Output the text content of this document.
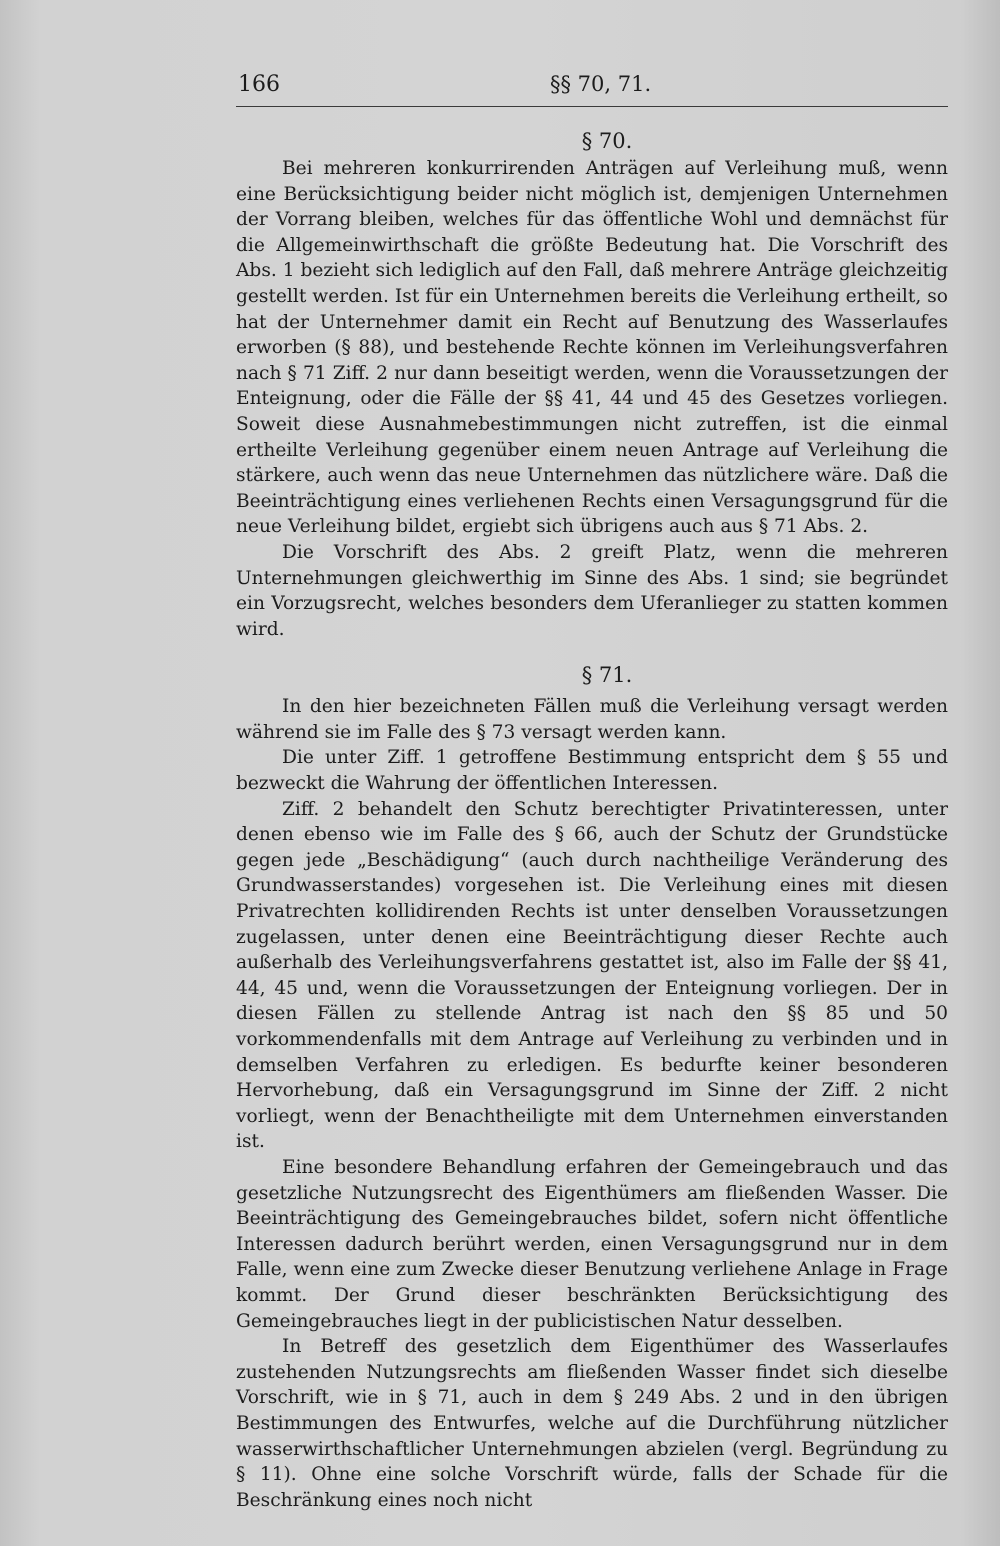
166	§§ 70, 71.

§ 70.

Bei mehreren konkurrirenden Anträgen auf Verleihung muß, wenn eine Berücksichtigung beider nicht möglich ist, demjenigen Unternehmen der Vorrang bleiben, welches für das öffentliche Wohl und demnächst für die Allgemeinwirthschaft die größte Bedeutung hat. Die Vorschrift des Abs. 1 bezieht sich lediglich auf den Fall, daß mehrere Anträge gleichzeitig gestellt werden. Ist für ein Unternehmen bereits die Verleihung ertheilt, so hat der Unternehmer damit ein Recht auf Benutzung des Wasserlaufes erworben (§ 88), und bestehende Rechte können im Verleihungsverfahren nach § 71 Ziff. 2 nur dann beseitigt werden, wenn die Voraussetzungen der Enteignung, oder die Fälle der §§ 41, 44 und 45 des Gesetzes vorliegen. Soweit diese Ausnahmebestimmungen nicht zutreffen, ist die einmal ertheilte Verleihung gegenüber einem neuen Antrage auf Verleihung die stärkere, auch wenn das neue Unternehmen das nützlichere wäre. Daß die Beeinträchtigung eines verliehenen Rechts einen Versagungsgrund für die neue Verleihung bildet, ergiebt sich übrigens auch aus § 71 Abs. 2.

Die Vorschrift des Abs. 2 greift Platz, wenn die mehreren Unternehmungen gleichwerthig im Sinne des Abs. 1 sind; sie begründet ein Vorzugsrecht, welches besonders dem Uferanlieger zu statten kommen wird.

§ 71.

In den hier bezeichneten Fällen muß die Verleihung versagt werden während sie im Falle des § 73 versagt werden kann.

Die unter Ziff. 1 getroffene Bestimmung entspricht dem § 55 und bezweckt die Wahrung der öffentlichen Interessen.

Ziff. 2 behandelt den Schutz berechtigter Privatinteressen, unter denen ebenso wie im Falle des § 66, auch der Schutz der Grundstücke gegen jede „Beschädigung“ (auch durch nachtheilige Veränderung des Grundwasserstandes) vorgesehen ist. Die Verleihung eines mit diesen Privatrechten kollidirenden Rechts ist unter denselben Voraussetzungen zugelassen, unter denen eine Beeinträchtigung dieser Rechte auch außerhalb des Verleihungsverfahrens gestattet ist, also im Falle der §§ 41, 44, 45 und, wenn die Voraussetzungen der Enteignung vorliegen. Der in diesen Fällen zu stellende Antrag ist nach den §§ 85 und 50 vorkommendenfalls mit dem Antrage auf Verleihung zu verbinden und in demselben Verfahren zu erledigen. Es bedurfte keiner besonderen Hervorhebung, daß ein Versagungsgrund im Sinne der Ziff. 2 nicht vorliegt, wenn der Benachtheiligte mit dem Unternehmen einverstanden ist.

Eine besondere Behandlung erfahren der Gemeingebrauch und das gesetzliche Nutzungsrecht des Eigenthümers am fließenden Wasser. Die Beeinträchtigung des Gemeingebrauches bildet, sofern nicht öffentliche Interessen dadurch berührt werden, einen Versagungsgrund nur in dem Falle, wenn eine zum Zwecke dieser Benutzung verliehene Anlage in Frage kommt. Der Grund dieser beschränkten Berücksichtigung des Gemeingebrauches liegt in der publicistischen Natur desselben.

In Betreff des gesetzlich dem Eigenthümer des Wasserlaufes zustehenden Nutzungsrechts am fließenden Wasser findet sich dieselbe Vorschrift, wie in § 71, auch in dem § 249 Abs. 2 und in den übrigen Bestimmungen des Entwurfes, welche auf die Durchführung nützlicher wasserwirthschaftlicher Unternehmungen abzielen (vergl. Begründung zu § 11). Ohne eine solche Vorschrift würde, falls der Schade für die Beschränkung eines noch nicht
